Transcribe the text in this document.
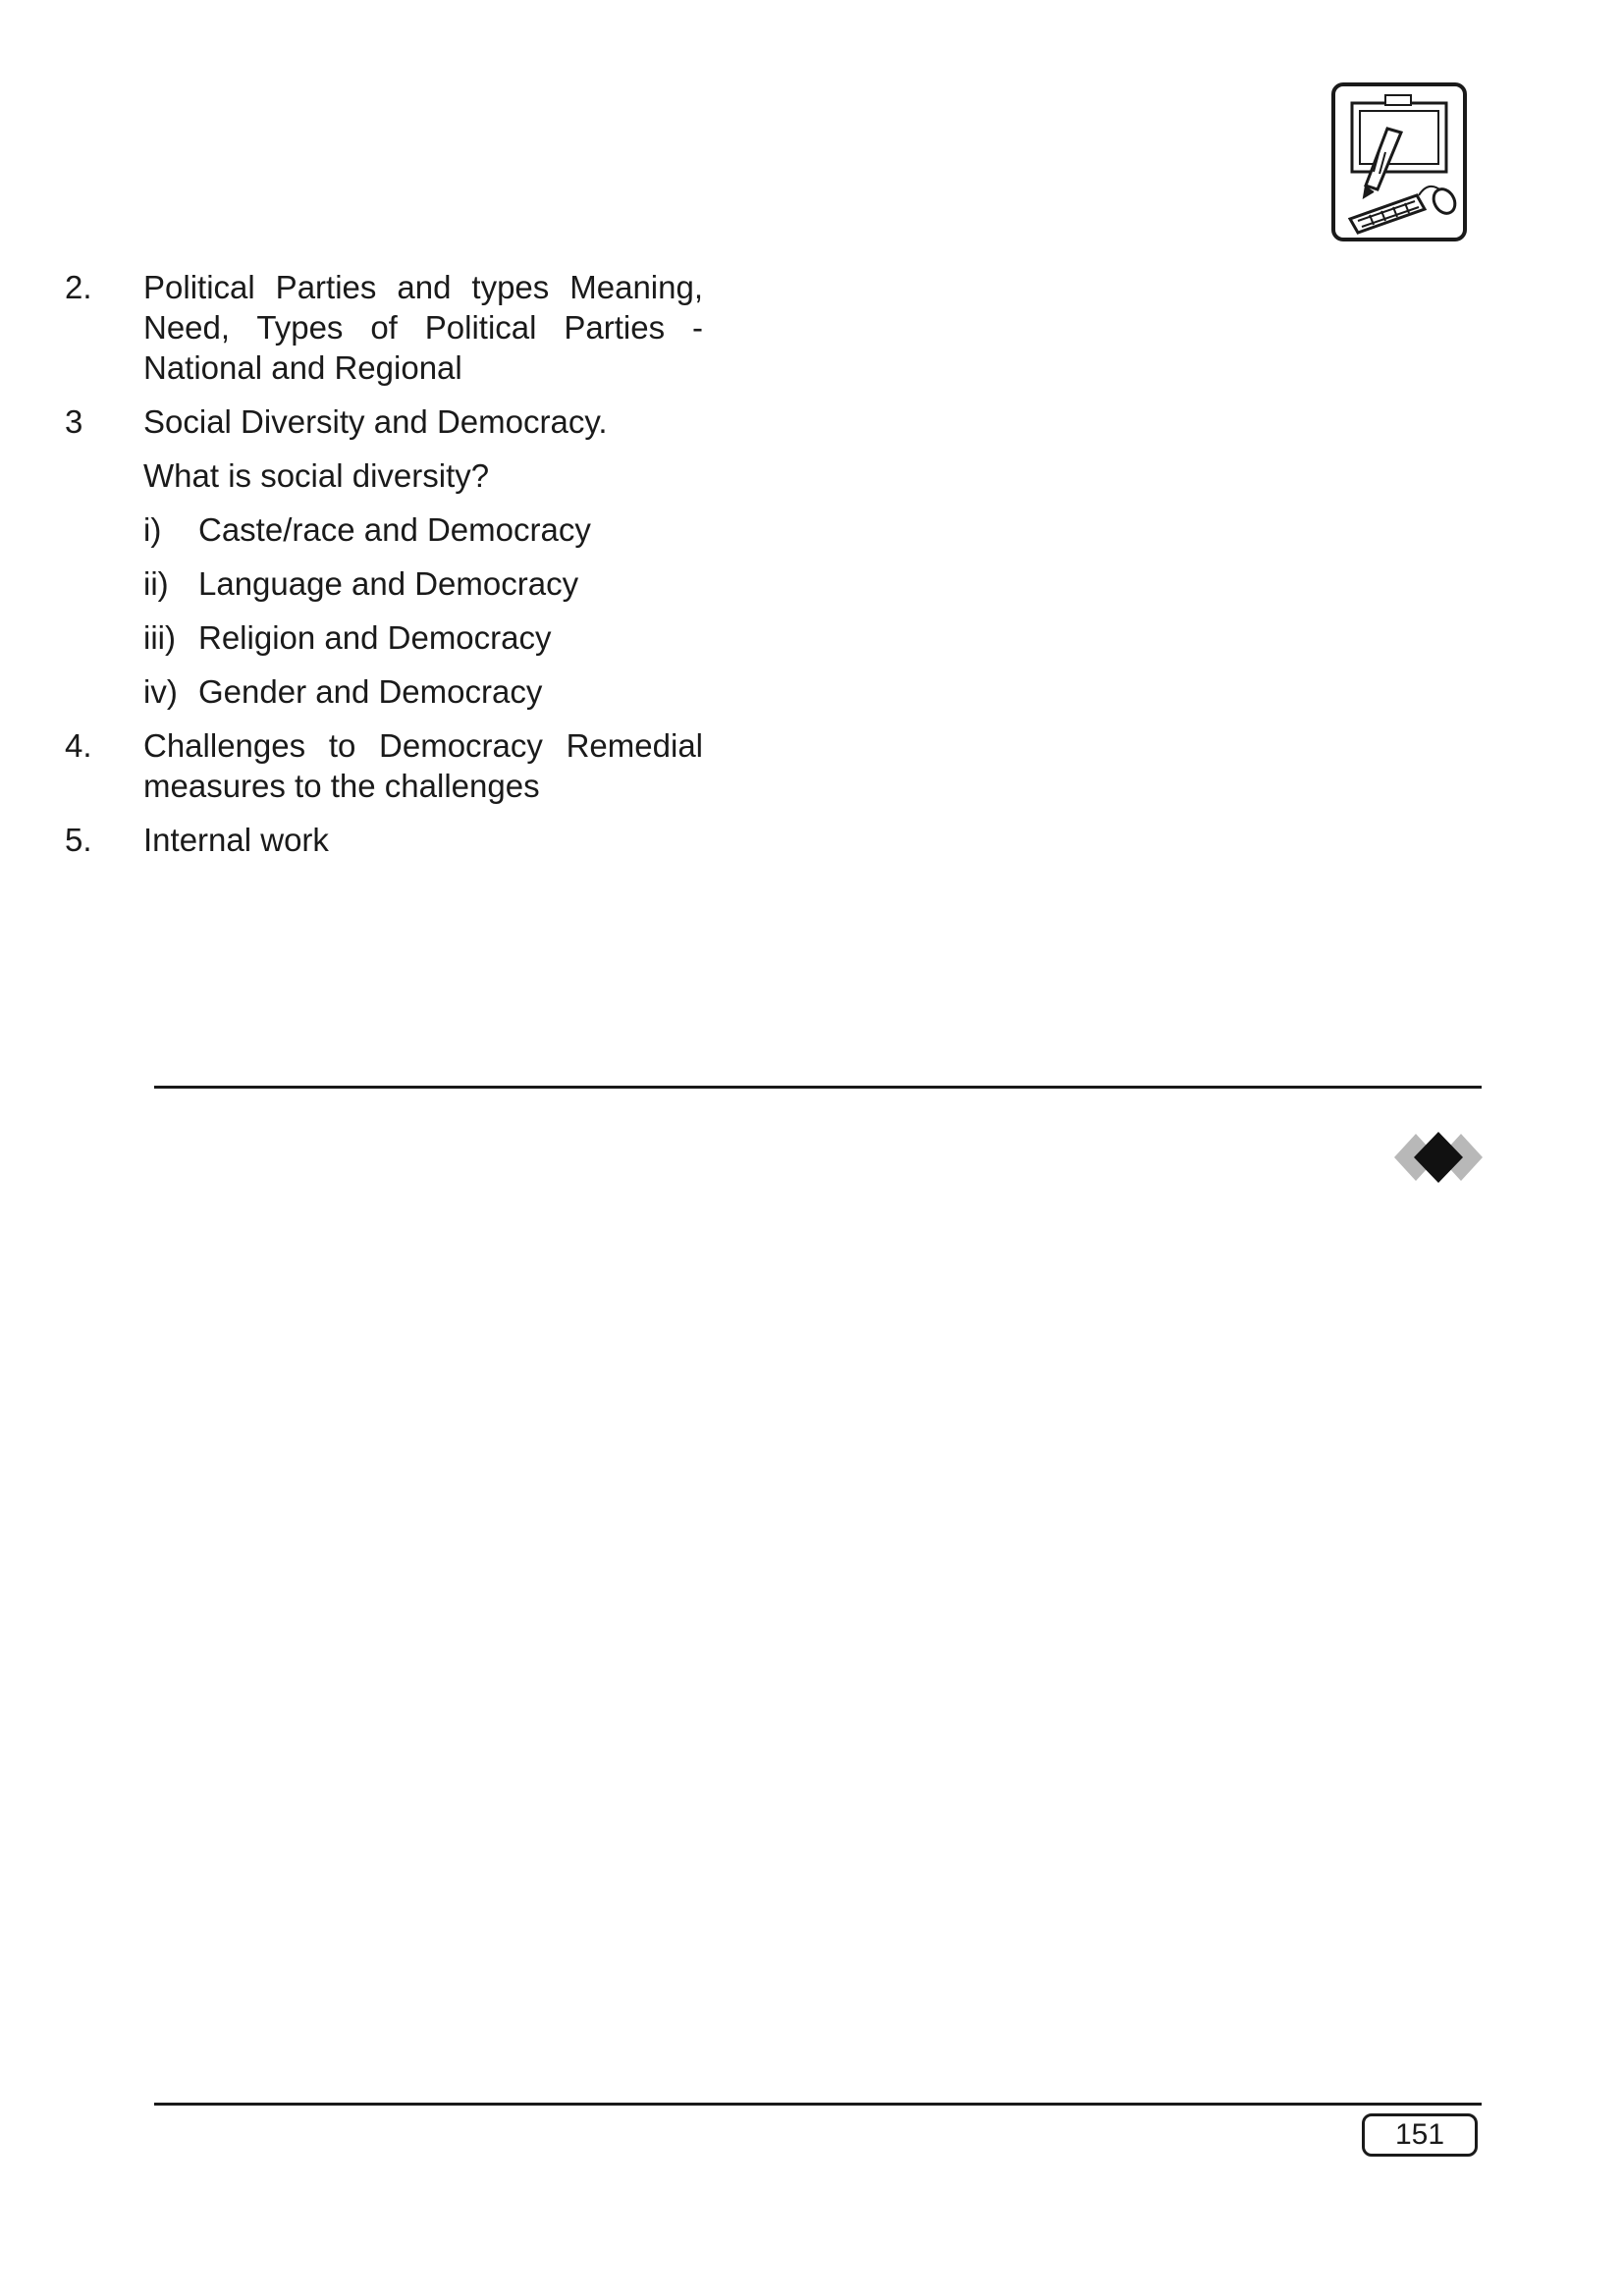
2. Political Parties and types Meaning,
Need, Types of Political Parties -
National and Regional
3 Social Diversity and Democracy.
What is social diversity?
i) Caste/race and Democracy
ii) Language and Democracy
iii) Religion and Democracy
iv) Gender and Democracy
4. Challenges to Democracy Remedial
measures to the challenges
5. Internal work
151
